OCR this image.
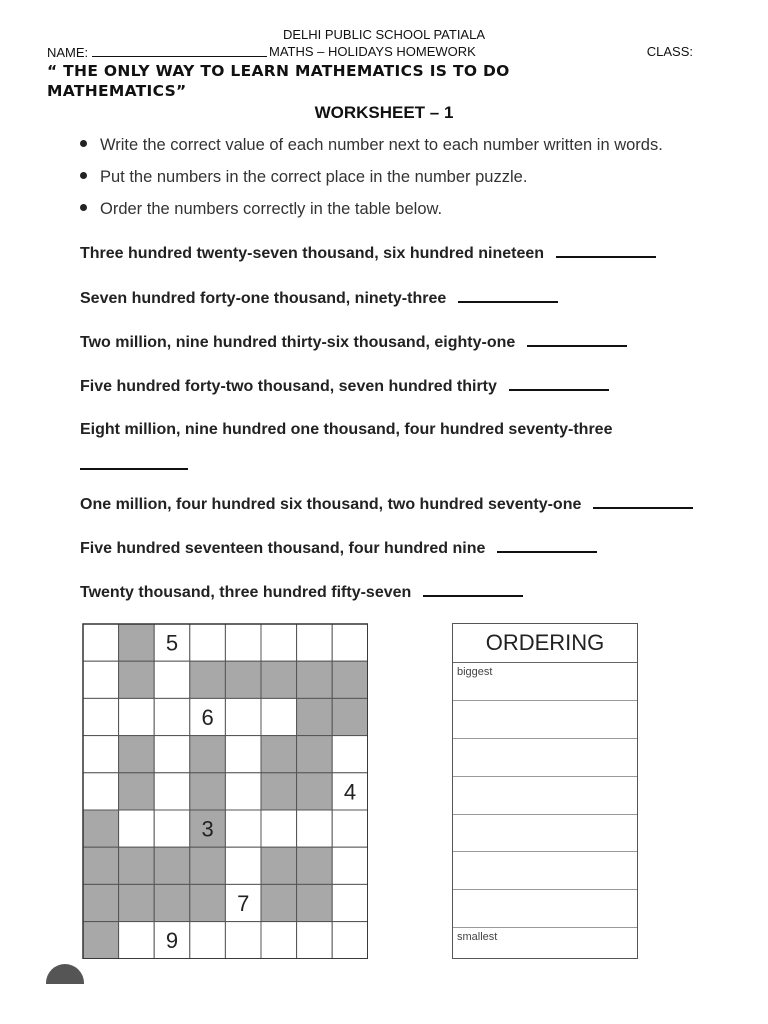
DELHI PUBLIC SCHOOL PATIALA
NAME:	MATHS – HOLIDAYS HOMEWORK	CLASS:
“ THE ONLY WAY TO LEARN MATHEMATICS IS TO DO MATHEMATICS”
WORKSHEET – 1
Write the correct value of each number next to each number written in words.
Put the numbers in the correct place in the number puzzle.
Order the numbers correctly in the table below.
Three hundred twenty-seven thousand, six hundred nineteen
Seven hundred forty-one thousand, ninety-three
Two million, nine hundred thirty-six thousand, eighty-one
Five hundred forty-two thousand, seven hundred thirty
Eight million, nine hundred one thousand, four hundred seventy-three
One million, four hundred six thousand, two hundred seventy-one
Five hundred seventeen thousand, four hundred nine
Twenty thousand, three hundred fifty-seven
5
6
4
3
7
9
ORDERING
biggest
smallest
